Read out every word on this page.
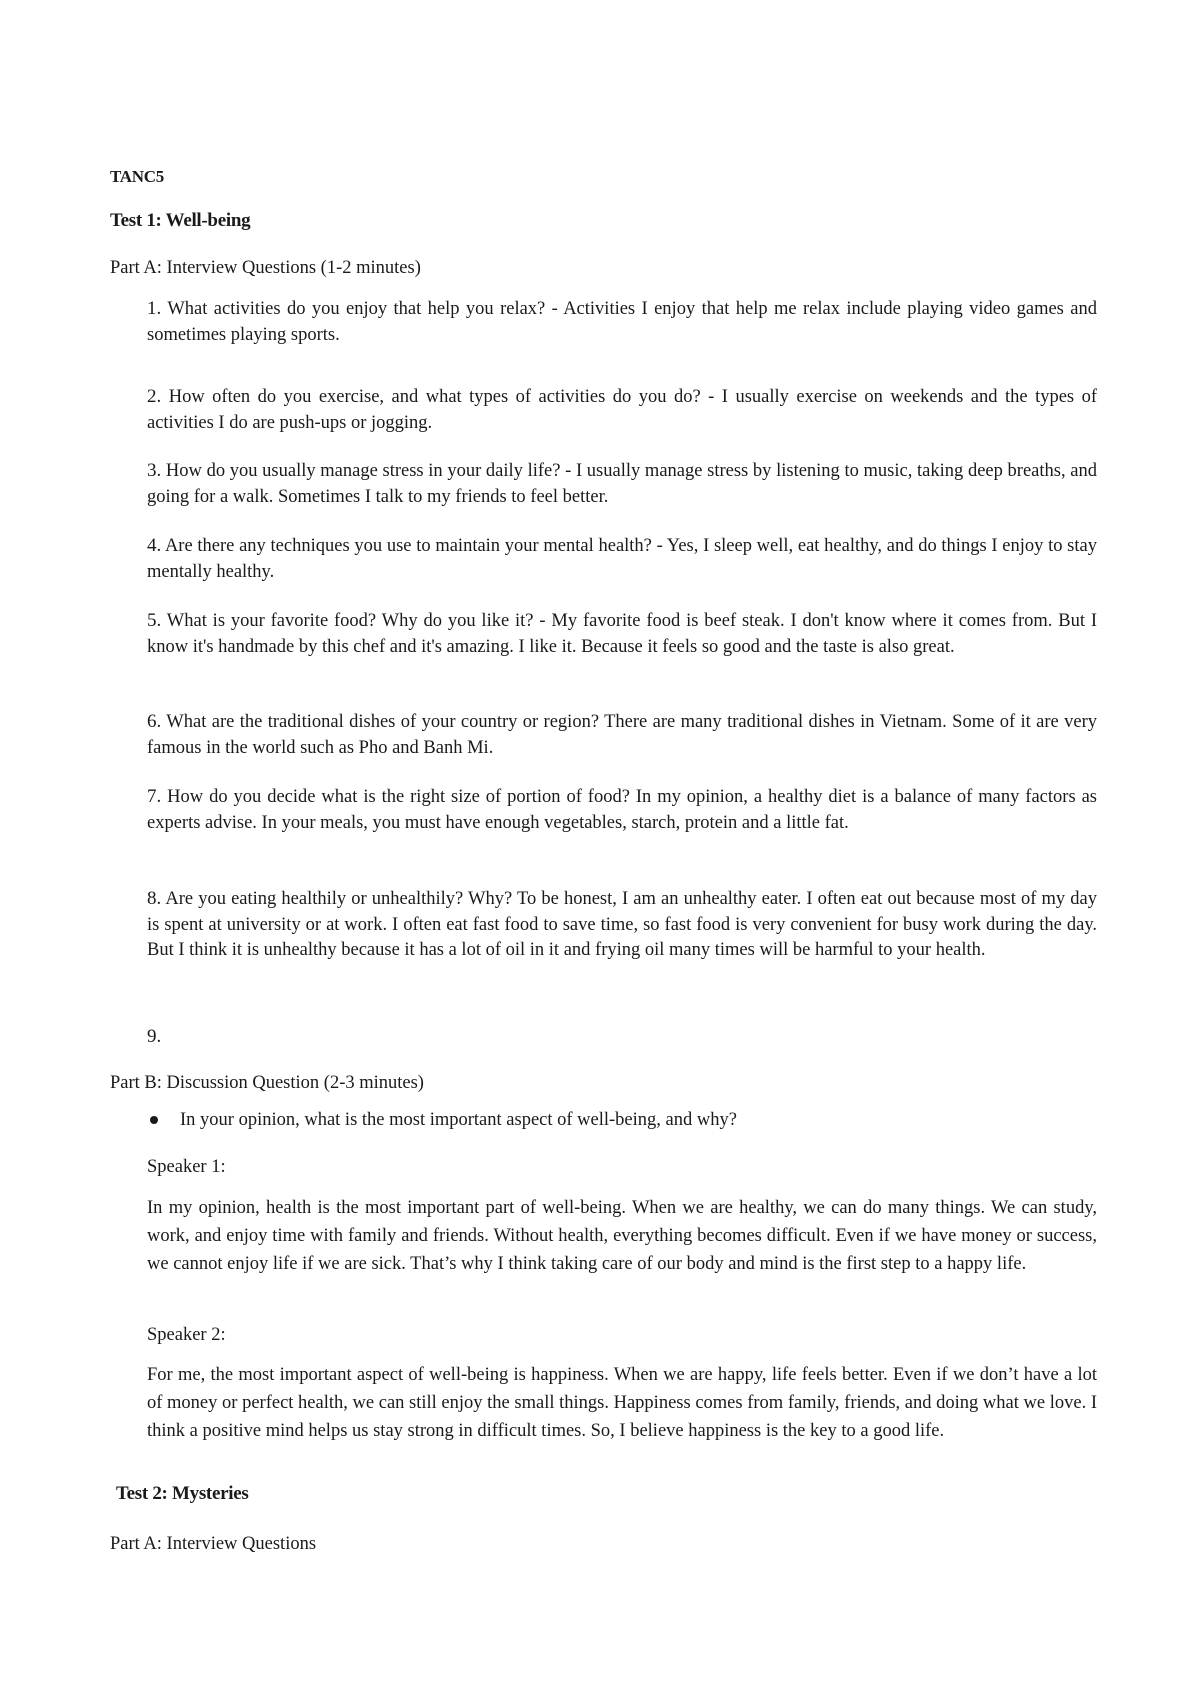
TANC5
Test 1: Well-being
Part A: Interview Questions (1-2 minutes)
1. What activities do you enjoy that help you relax? - Activities I enjoy that help me relax include playing video games and sometimes playing sports.
2. How often do you exercise, and what types of activities do you do? - I usually exercise on weekends and the types of activities I do are push-ups or jogging.
3. How do you usually manage stress in your daily life? - I usually manage stress by listening to music, taking deep breaths, and going for a walk. Sometimes I talk to my friends to feel better.
4. Are there any techniques you use to maintain your mental health? - Yes, I sleep well, eat healthy, and do things I enjoy to stay mentally healthy.
5. What is your favorite food? Why do you like it? - My favorite food is beef steak. I don't know where it comes from. But I know it's handmade by this chef and it's amazing. I like it. Because it feels so good and the taste is also great.
6. What are the traditional dishes of your country or region? There are many traditional dishes in Vietnam. Some of it are very famous in the world such as Pho and Banh Mi.
7. How do you decide what is the right size of portion of food? In my opinion, a healthy diet is a balance of many factors as experts advise. In your meals, you must have enough vegetables, starch, protein and a little fat.
8. Are you eating healthily or unhealthily? Why? To be honest, I am an unhealthy eater. I often eat out because most of my day is spent at university or at work. I often eat fast food to save time, so fast food is very convenient for busy work during the day. But I think it is unhealthy because it has a lot of oil in it and frying oil many times will be harmful to your health.
9.
Part B: Discussion Question (2-3 minutes)
In your opinion, what is the most important aspect of well-being, and why?
Speaker 1:
In my opinion, health is the most important part of well-being. When we are healthy, we can do many things. We can study, work, and enjoy time with family and friends. Without health, everything becomes difficult. Even if we have money or success, we cannot enjoy life if we are sick. That’s why I think taking care of our body and mind is the first step to a happy life.
Speaker 2:
For me, the most important aspect of well-being is happiness. When we are happy, life feels better. Even if we don’t have a lot of money or perfect health, we can still enjoy the small things. Happiness comes from family, friends, and doing what we love. I think a positive mind helps us stay strong in difficult times. So, I believe happiness is the key to a good life.
Test 2: Mysteries
Part A: Interview Questions
